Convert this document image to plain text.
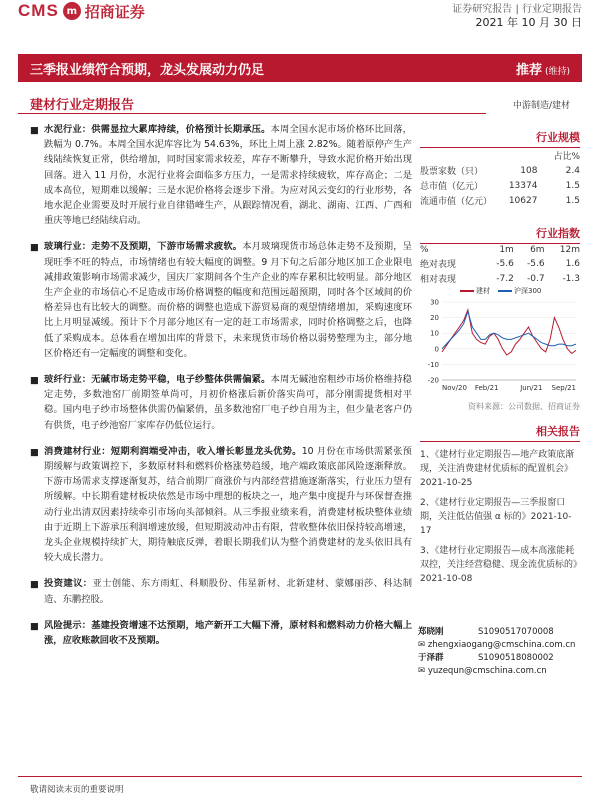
CMS m 招商证券	证券研究报告 | 行业定期报告
2021 年 10 月 30 日
三季报业绩符合预期，龙头发展动力仍足	推荐 (维持)
建材行业定期报告	中游制造/建材
■ 水泥行业：供需显拉大累库持续，价格预计长期承压。本周全国水泥市场价格环比回落，跌幅为 0.7%。本周全国水泥库容比为 54.63%，环比上周上涨 2.82%。随着原停产生产线陆续恢复正常，供给增加，同时国家需求较差，库存不断攀升，导致水泥价格开始出现回落。进入 11 月份，水泥行业将会面临多方压力，一是需求持续疲软，库存高企；二是成本高位，短期难以缓解；三是水泥价格将会逐步下滑。为应对风云变幻的行业形势，各地水泥企业需要及时开展行业自律错峰生产，从跟踪情况看，湖北、湖南、江西、广西和重庆等地已经陆续启动。
■ 玻璃行业：走势不及预期，下游市场需求疲软。本月玻璃现货市场总体走势不及预期，呈现旺季不旺的特点，市场情绪也有较大幅度的调整。9 月下旬之后部分地区加工企业限电减排政策影响市场需求减少，国庆厂家期间各个生产企业的库存累积比较明显。部分地区生产企业的市场信心不足造成市场价格调整的幅度和范围远超预期，同时各个区域间的价格差异也有比较大的调整。而价格的调整也造成下游贸易商的观望情绪增加，采购速度环比上月明显减缓。预计下个月部分地区有一定的赶工市场需求，同时价格调整之后，也降低了采购成本。总体看在增加出库的背景下，未来现货市场价格以弱势整理为主，部分地区价格还有一定幅度的调整和变化。
■ 玻纤行业：无碱市场走势平稳，电子纱整体供需偏紧。本周无碱池窑粗纱市场价格维持稳定走势，多数池窑厂前期签单尚可，月初价格涨后新价落实尚可，部分刚需提货相对平稳。国内电子纱市场整体供需仍偏紧俏，虽多数池窑厂电子纱自用为主，但少量老客户仍有供货，电子纱池窑厂家库存仍低位运行。
■ 消费建材行业：短期利润端受冲击，收入增长彰显龙头优势。10 月份在市场供需紧张预期缓解与政策调控下，多数原材料和燃料价格涨势趋缓，地产端政策底部风险逐渐释放。下游市场需求支撑逐渐复苏，结合前期厂商涨价与内部经营措施逐渐落实，行业压力望有所缓解。中长期看建材板块依然是市场中理想的板块之一，地产集中度提升与环保督查推动行业出清双因素持续牵引市场向头部倾斜。从三季报业绩来看，消费建材板块整体业绩由于近期上下游承压利润增速放缓，但短期波动冲击有限，营收整体依旧保持较高增速，龙头企业规模持续扩大，期待触底反弹，着眼长期我们认为整个消费建材的龙头依旧具有较大成长潜力。
■ 投资建议：亚士创能、东方雨虹、科顺股份、伟星新材、北新建材、蒙娜丽莎、科达制造、东鹏控股。
■ 风险提示：基建投资增速不达预期，地产新开工大幅下滑，原材料和燃料动力价格大幅上涨，应收账款回收不及预期。
行业规模
		占比%
股票家数（只）	108	2.4
总市值（亿元）	13374	1.5
流通市值（亿元）	10627	1.5
行业指数
%	1m	6m	12m
绝对表现	-5.6	-5.6	1.6
相对表现	-7.2	-0.7	-1.3
建材	沪深300
30
20
10
0
-10
-20
Nov/20 Feb/21	Jun/21 Sep/21
资料来源：公司数据、招商证券
相关报告
1、《建材行业定期报告—地产政策底渐现，关注消费建材优质标的配置机会》2021-10-25
2、《建材行业定期报告—三季报窗口期，关注低估值强 α 标的》2021-10-17
3、《建材行业定期报告—成本高涨能耗双控，关注经营稳健、现金流优质标的》2021-10-08
郑晓刚	S1090517070008
✉ zhengxiaogang@cmschina.com.cn
于泽群	S1090518080002
✉ yuzequn@cmschina.com.cn
敬请阅读末页的重要说明
